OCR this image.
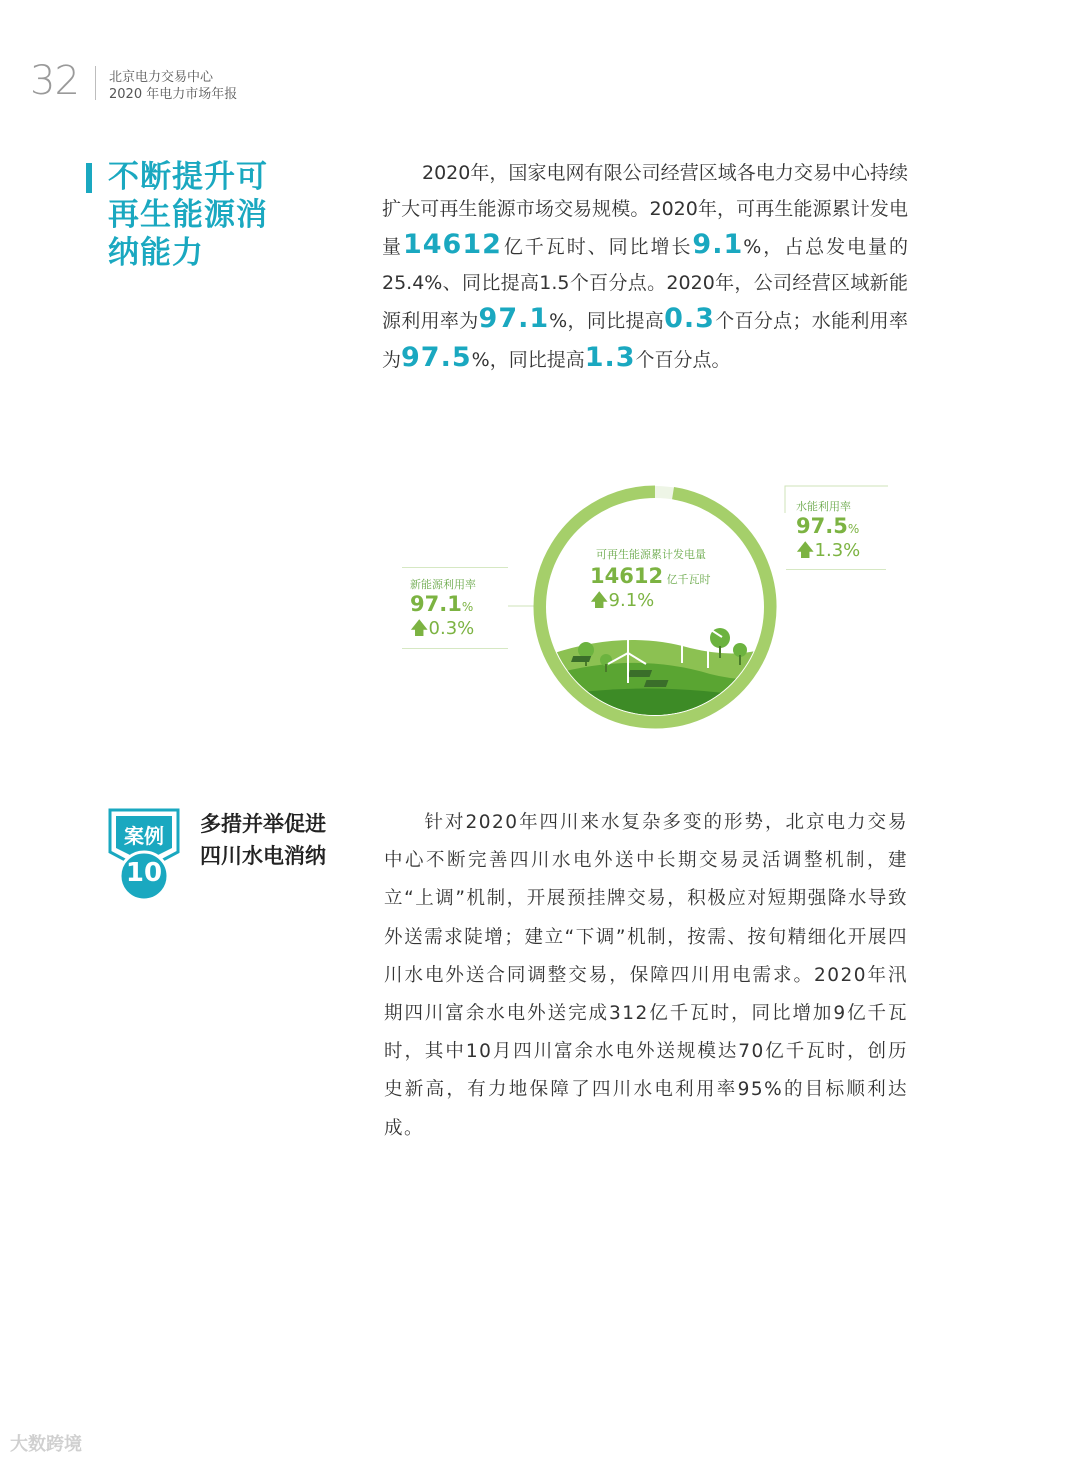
32 北京电力交易中心
2020 年电力市场年报
不断提升可再生能源消纳能力
2020年，国家电网有限公司经营区域各电力交易中心持续扩大可再生能源市场交易规模。2020年，可再生能源累计发电量14612亿千瓦时、同比增长9.1%，占总发电量的25.4%、同比提高1.5个百分点。2020年，公司经营区域新能源利用率为97.1%，同比提高0.3个百分点；水能利用率为97.5%，同比提高1.3个百分点。
可再生能源累计发电量
14612 亿千瓦时
🡅9.1%
新能源利用率
97.1%
🡅0.3%
水能利用率
97.5%
🡅1.3%
案例
10
多措并举促进
四川水电消纳
针对2020年四川来水复杂多变的形势，北京电力交易中心不断完善四川水电外送中长期交易灵活调整机制，建立“上调”机制，开展预挂牌交易，积极应对短期强降水导致外送需求陡增；建立“下调”机制，按需、按旬精细化开展四川水电外送合同调整交易，保障四川用电需求。2020年汛期四川富余水电外送完成312亿千瓦时，同比增加9亿千瓦时，其中10月四川富余水电外送规模达70亿千瓦时，创历史新高，有力地保障了四川水电利用率95%的目标顺利达成。
大数跨境
